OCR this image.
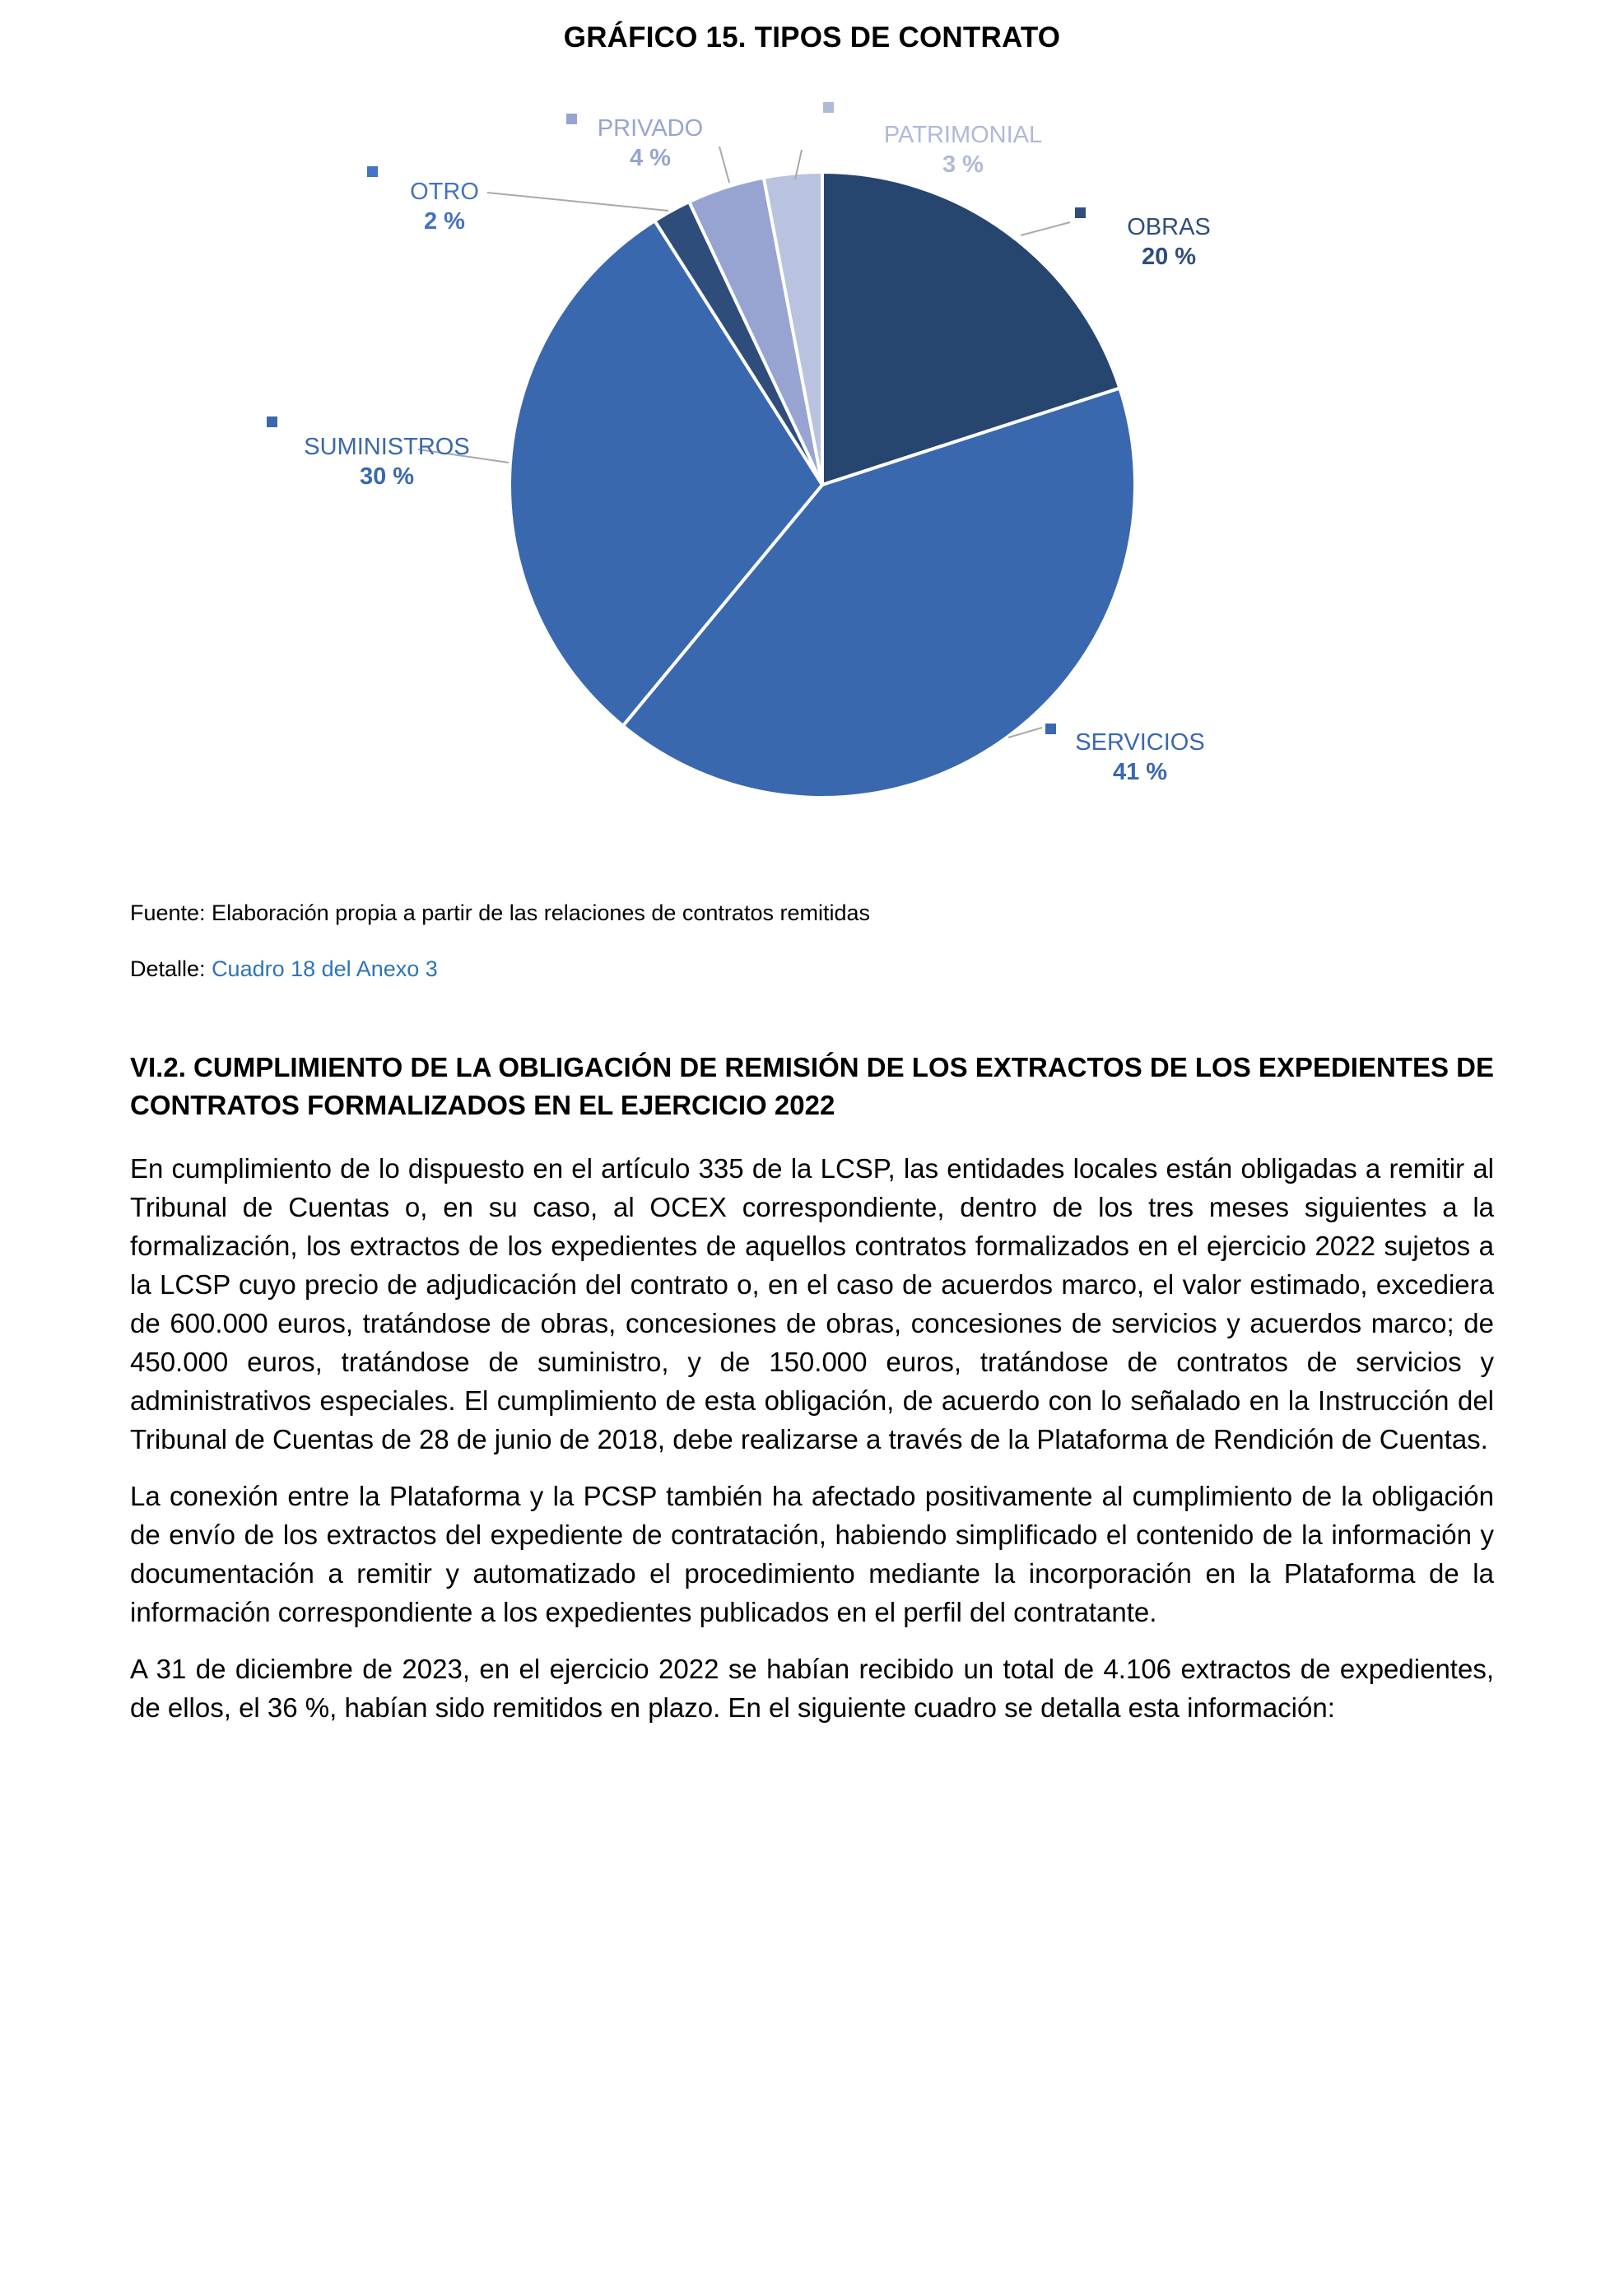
GRÁFICO 15. TIPOS DE CONTRATO
OBRAS
20 %
SERVICIOS
41 %
SUMINISTROS
30 %
OTRO
2 %
PRIVADO
4 %
PATRIMONIAL
3 %

Fuente: Elaboración propia a partir de las relaciones de contratos remitidas

Detalle: Cuadro 18 del Anexo 3

VI.2. CUMPLIMIENTO DE LA OBLIGACIÓN DE REMISIÓN DE LOS EXTRACTOS DE LOS EXPEDIENTES DE CONTRATOS FORMALIZADOS EN EL EJERCICIO 2022

En cumplimiento de lo dispuesto en el artículo 335 de la LCSP, las entidades locales están obligadas a remitir al Tribunal de Cuentas o, en su caso, al OCEX correspondiente, dentro de los tres meses siguientes a la formalización, los extractos de los expedientes de aquellos contratos formalizados en el ejercicio 2022 sujetos a la LCSP cuyo precio de adjudicación del contrato o, en el caso de acuerdos marco, el valor estimado, excediera de 600.000 euros, tratándose de obras, concesiones de obras, concesiones de servicios y acuerdos marco; de 450.000 euros, tratándose de suministro, y de 150.000 euros, tratándose de contratos de servicios y administrativos especiales. El cumplimiento de esta obligación, de acuerdo con lo señalado en la Instrucción del Tribunal de Cuentas de 28 de junio de 2018, debe realizarse a través de la Plataforma de Rendición de Cuentas.

La conexión entre la Plataforma y la PCSP también ha afectado positivamente al cumplimiento de la obligación de envío de los extractos del expediente de contratación, habiendo simplificado el contenido de la información y documentación a remitir y automatizado el procedimiento mediante la incorporación en la Plataforma de la información correspondiente a los expedientes publicados en el perfil del contratante.

A 31 de diciembre de 2023, en el ejercicio 2022 se habían recibido un total de 4.106 extractos de expedientes, de ellos, el 36 %, habían sido remitidos en plazo. En el siguiente cuadro se detalla esta información:
